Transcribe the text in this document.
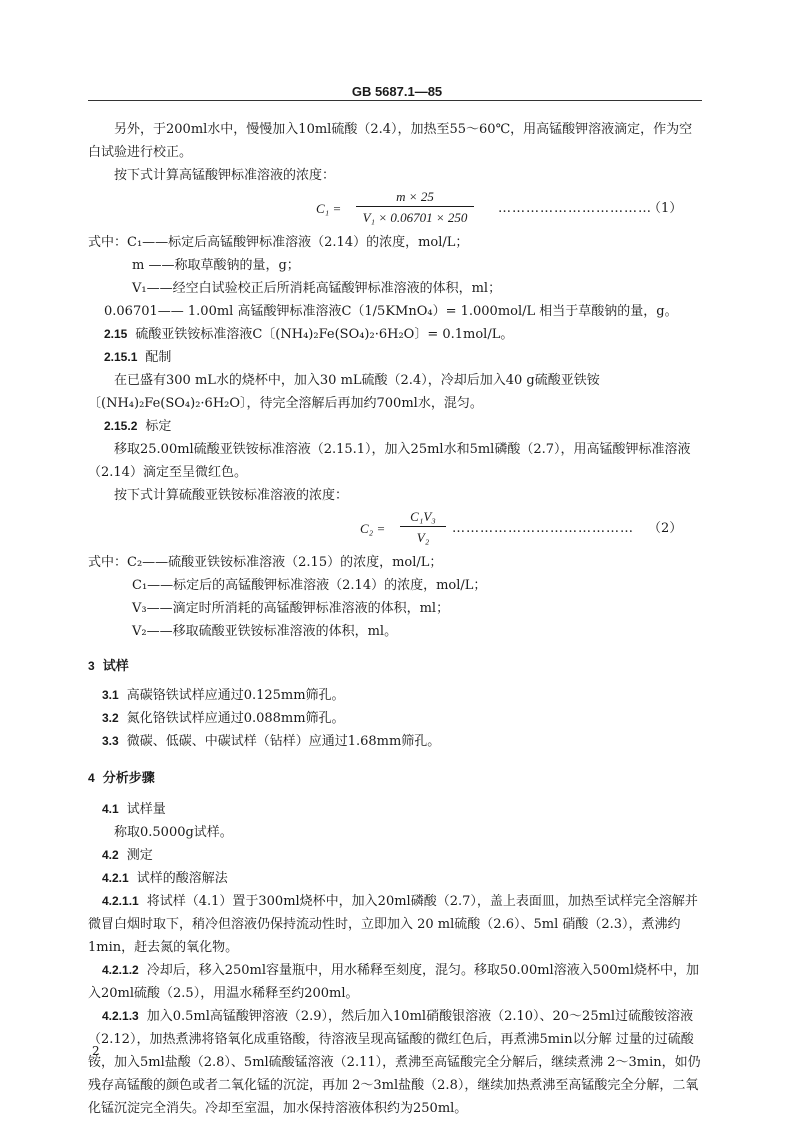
GB 5687.1—85

另外，于200ml水中，慢慢加入10ml硫酸（2.4），加热至55～60℃，用高锰酸钾溶液滴定，作为空白试验进行校正。

按下式计算高锰酸钾标准溶液的浓度：

C₁ =
m × 25
V₁ × 0.06701 × 250
……………………………
（1）

式中：C₁——标定后高锰酸钾标准溶液（2.14）的浓度，mol/L；

m ——称取草酸钠的量，g；

V₁——经空白试验校正后所消耗高锰酸钾标准溶液的体积，ml；

0.06701—— 1.00ml 高锰酸钾标准溶液C（1/5KMnO₄）= 1.000mol/L 相当于草酸钠的量，g。

2.15 硫酸亚铁铵标准溶液C〔(NH₄)₂Fe(SO₄)₂·6H₂O〕= 0.1mol/L。

2.15.1 配制

在已盛有300 mL水的烧杯中，加入30 mL硫酸（2.4），冷却后加入40 g硫酸亚铁铵〔(NH₄)₂Fe(SO₄)₂·6H₂O〕，待完全溶解后再加约700ml水，混匀。

2.15.2 标定

移取25.00ml硫酸亚铁铵标准溶液（2.15.1），加入25ml水和5ml磷酸（2.7），用高锰酸钾标准溶液（2.14）滴定至呈微红色。

按下式计算硫酸亚铁铵标准溶液的浓度：

C₂ =
C₁V₃
V₂
………………………………… （2）

式中：C₂——硫酸亚铁铵标准溶液（2.15）的浓度，mol/L；

C₁——标定后的高锰酸钾标准溶液（2.14）的浓度，mol/L；

V₃——滴定时所消耗的高锰酸钾标准溶液的体积，ml；

V₂——移取硫酸亚铁铵标准溶液的体积，ml。

3 试样

3.1 高碳铬铁试样应通过0.125mm筛孔。

3.2 氮化铬铁试样应通过0.088mm筛孔。

3.3 微碳、低碳、中碳试样（钻样）应通过1.68mm筛孔。

4 分析步骤

4.1 试样量

称取0.5000g试样。

4.2 测定

4.2.1 试样的酸溶解法

4.2.1.1 将试样（4.1）置于300ml烧杯中，加入20ml磷酸（2.7），盖上表面皿，加热至试样完全溶解并微冒白烟时取下，稍冷但溶液仍保持流动性时，立即加入 20 ml硫酸（2.6）、5ml 硝酸（2.3），煮沸约1min，赶去氮的氧化物。

4.2.1.2 冷却后，移入250ml容量瓶中，用水稀释至刻度，混匀。移取50.00ml溶液入500ml烧杯中，加入20ml硫酸（2.5），用温水稀释至约200ml。

4.2.1.3 加入0.5ml高锰酸钾溶液（2.9），然后加入10ml硝酸银溶液（2.10）、20～25ml过硫酸铵溶液（2.12），加热煮沸将铬氧化成重铬酸，待溶液呈现高锰酸的微红色后，再煮沸5min以分解 过量的过硫酸铵，加入5ml盐酸（2.8）、5ml硫酸锰溶液（2.11），煮沸至高锰酸完全分解后，继续煮沸 2～3min，如仍残存高锰酸的颜色或者二氧化锰的沉淀，再加 2～3ml盐酸（2.8），继续加热煮沸至高锰酸完全分解，二氧化锰沉淀完全消失。冷却至室温，加水保持溶液体积约为250ml。

2
